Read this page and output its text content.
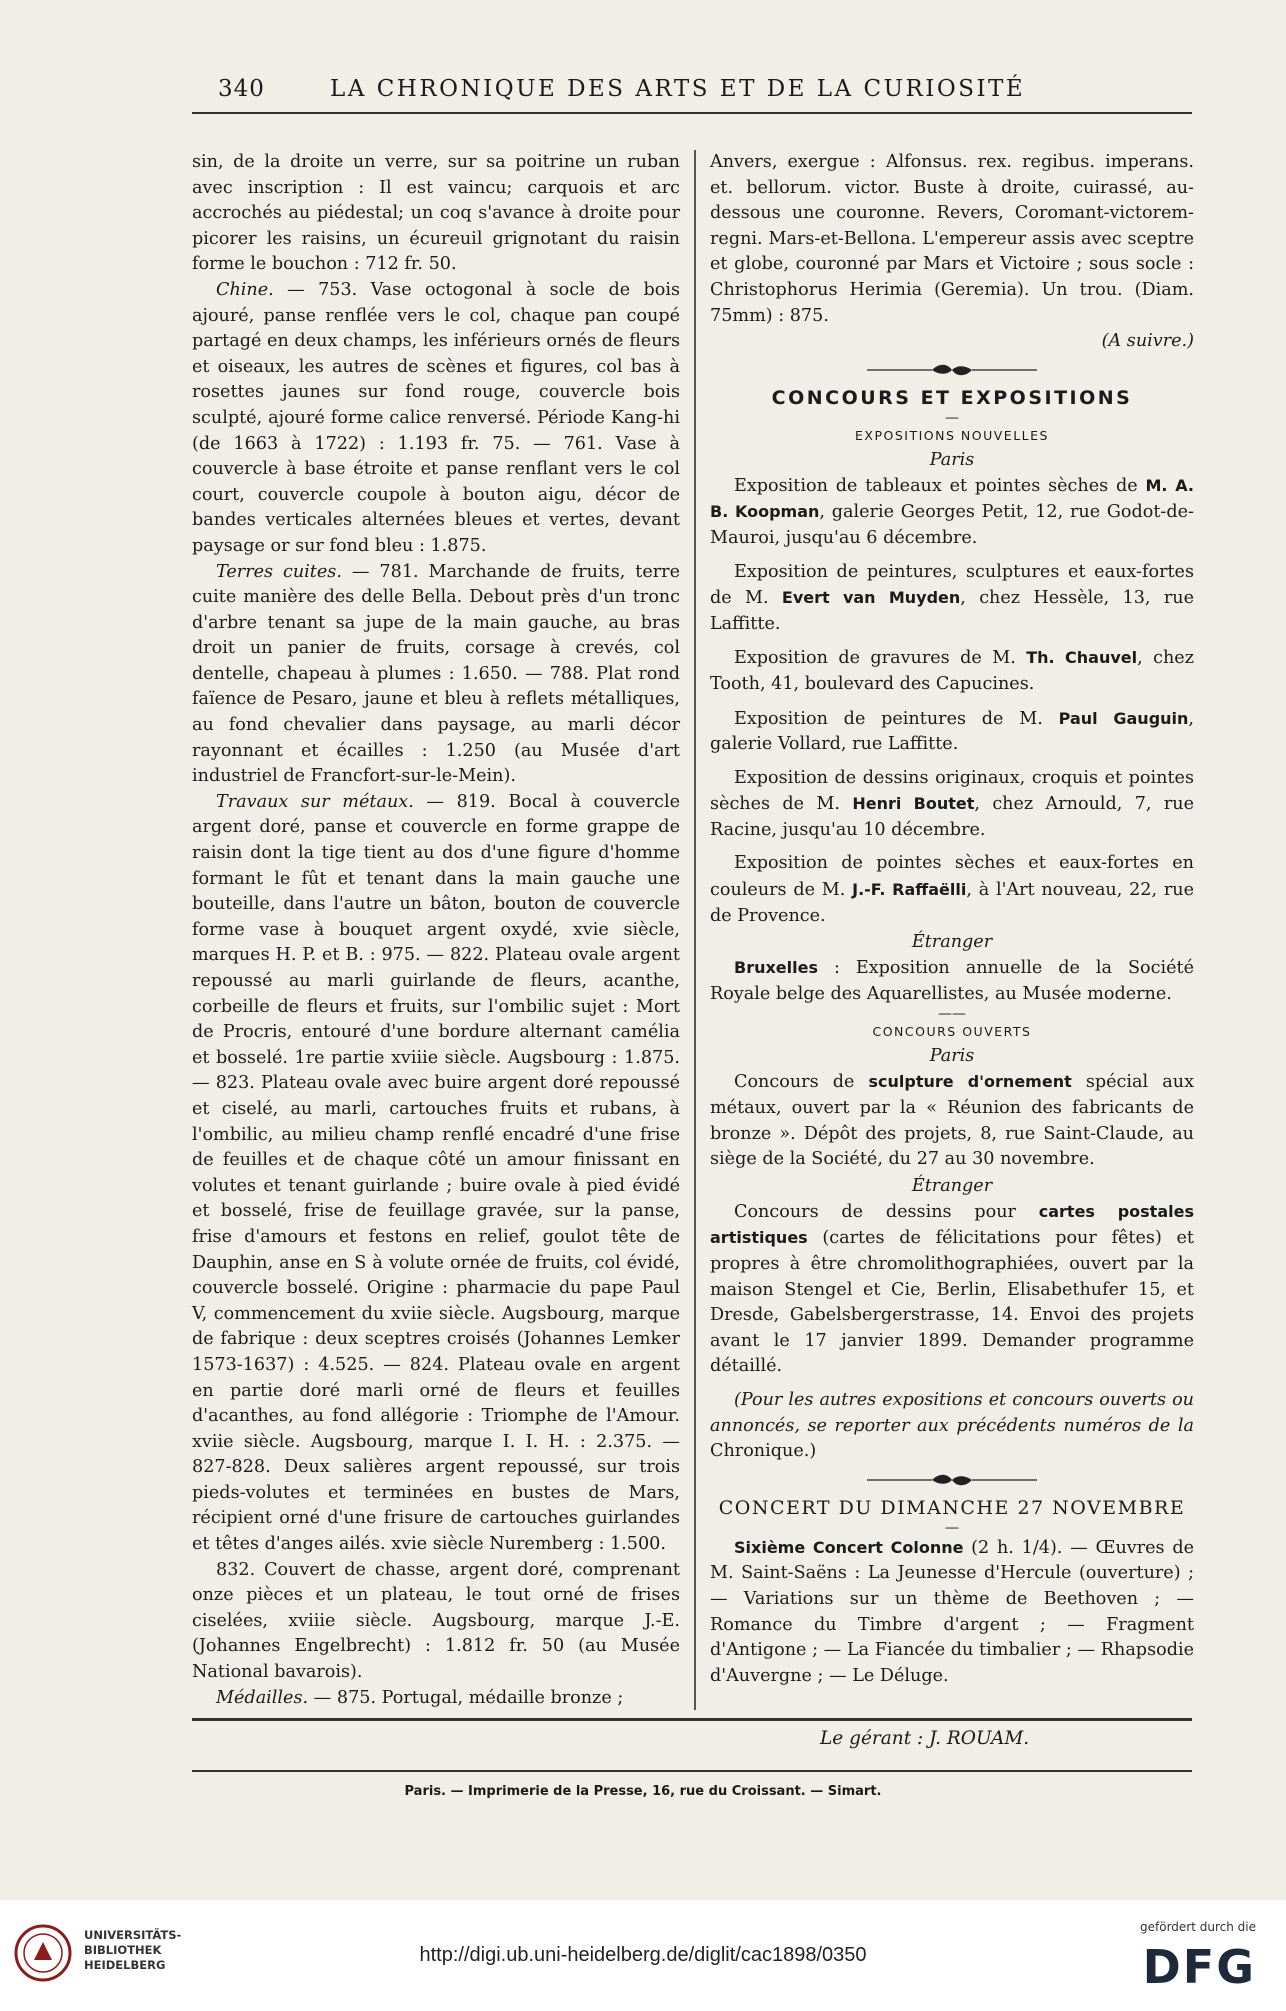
340	LA CHRONIQUE DES ARTS ET DE LA CURIOSITÉ

sin, de la droite un verre, sur sa poitrine un ruban avec inscription : Il est vaincu; carquois et arc accrochés au piédestal; un coq s'avance à droite pour picorer les raisins, un écureuil grignotant du raisin forme le bouchon : 712 fr. 50.

Chine. — 753. Vase octogonal à socle de bois ajouré, panse renflée vers le col, chaque pan coupé partagé en deux champs, les inférieurs ornés de fleurs et oiseaux, les autres de scènes et figures, col bas à rosettes jaunes sur fond rouge, couvercle bois sculpté, ajouré forme calice renversé. Période Kang-hi (de 1663 à 1722) : 1.193 fr. 75. — 761. Vase à couvercle à base étroite et panse renflant vers le col court, couvercle coupole à bouton aigu, décor de bandes verticales alternées bleues et vertes, devant paysage or sur fond bleu : 1.875.

Terres cuites. — 781. Marchande de fruits, terre cuite manière des delle Bella. Debout près d'un tronc d'arbre tenant sa jupe de la main gauche, au bras droit un panier de fruits, corsage à crevés, col dentelle, chapeau à plumes : 1.650. — 788. Plat rond faïence de Pesaro, jaune et bleu à reflets métalliques, au fond chevalier dans paysage, au marli décor rayonnant et écailles : 1.250 (au Musée d'art industriel de Francfort-sur-le-Mein).

Travaux sur métaux. — 819. Bocal à couvercle argent doré, panse et couvercle en forme grappe de raisin dont la tige tient au dos d'une figure d'homme formant le fût et tenant dans la main gauche une bouteille, dans l'autre un bâton, bouton de couvercle forme vase à bouquet argent oxydé, xvie siècle, marques H. P. et B. : 975. — 822. Plateau ovale argent repoussé au marli guirlande de fleurs, acanthe, corbeille de fleurs et fruits, sur l'ombilic sujet : Mort de Procris, entouré d'une bordure alternant camélia et bosselé. 1re partie xviiie siècle. Augsbourg : 1.875. — 823. Plateau ovale avec buire argent doré repoussé et ciselé, au marli, cartouches fruits et rubans, à l'ombilic, au milieu champ renflé encadré d'une frise de feuilles et de chaque côté un amour finissant en volutes et tenant guirlande ; buire ovale à pied évidé et bosselé, frise de feuillage gravée, sur la panse, frise d'amours et festons en relief, goulot tête de Dauphin, anse en S à volute ornée de fruits, col évidé, couvercle bosselé. Origine : pharmacie du pape Paul V, commencement du xviie siècle. Augsbourg, marque de fabrique : deux sceptres croisés (Johannes Lemker 1573-1637) : 4.525. — 824. Plateau ovale en argent en partie doré marli orné de fleurs et feuilles d'acanthes, au fond allégorie : Triomphe de l'Amour. xviie siècle. Augsbourg, marque I. I. H. : 2.375. — 827-828. Deux salières argent repoussé, sur trois pieds-volutes et terminées en bustes de Mars, récipient orné d'une frisure de cartouches guirlandes et têtes d'anges ailés. xvie siècle Nuremberg : 1.500.

832. Couvert de chasse, argent doré, comprenant onze pièces et un plateau, le tout orné de frises ciselées, xviiie siècle. Augsbourg, marque J.-E. (Johannes Engelbrecht) : 1.812 fr. 50 (au Musée National bavarois).

Médailles. — 875. Portugal, médaille bronze ;

Anvers, exergue : Alfonsus. rex. regibus. imperans. et. bellorum. victor. Buste à droite, cuirassé, au-dessous une couronne. Revers, Coromant-victorem-regni. Mars-et-Bellona. L'empereur assis avec sceptre et globe, couronné par Mars et Victoire ; sous socle : Christophorus Herimia (Geremia). Un trou. (Diam. 75mm) : 875.

(A suivre.)

CONCOURS ET EXPOSITIONS
—
EXPOSITIONS NOUVELLES
Paris

Exposition de tableaux et pointes sèches de M. A. B. Koopman, galerie Georges Petit, 12, rue Godot-de-Mauroi, jusqu'au 6 décembre.

Exposition de peintures, sculptures et eaux-fortes de M. Evert van Muyden, chez Hessèle, 13, rue Laffitte.

Exposition de gravures de M. Th. Chauvel, chez Tooth, 41, boulevard des Capucines.

Exposition de peintures de M. Paul Gauguin, galerie Vollard, rue Laffitte.

Exposition de dessins originaux, croquis et pointes sèches de M. Henri Boutet, chez Arnould, 7, rue Racine, jusqu'au 10 décembre.

Exposition de pointes sèches et eaux-fortes en couleurs de M. J.-F. Raffaëlli, à l'Art nouveau, 22, rue de Provence.

Étranger

Bruxelles : Exposition annuelle de la Société Royale belge des Aquarellistes, au Musée moderne.

——
CONCOURS OUVERTS
Paris

Concours de sculpture d'ornement spécial aux métaux, ouvert par la « Réunion des fabricants de bronze ». Dépôt des projets, 8, rue Saint-Claude, au siège de la Société, du 27 au 30 novembre.

Étranger

Concours de dessins pour cartes postales artistiques (cartes de félicitations pour fêtes) et propres à être chromolithographiées, ouvert par la maison Stengel et Cie, Berlin, Elisabethufer 15, et Dresde, Gabelsbergerstrasse, 14. Envoi des projets avant le 17 janvier 1899. Demander programme détaillé.

(Pour les autres expositions et concours ouverts ou annoncés, se reporter aux précédents numéros de la Chronique.)

CONCERT DU DIMANCHE 27 NOVEMBRE
—

Sixième Concert Colonne (2 h. 1/4). — Œuvres de M. Saint-Saëns : La Jeunesse d'Hercule (ouverture) ; — Variations sur un thème de Beethoven ; — Romance du Timbre d'argent ; — Fragment d'Antigone ; — La Fiancée du timbalier ; — Rhapsodie d'Auvergne ; — Le Déluge.

Le gérant : J. ROUAM.
Paris. — Imprimerie de la Presse, 16, rue du Croissant. — Simart.
UNIVERSITÄTS-
BIBLIOTHEK
HEIDELBERG	http://digi.ub.uni-heidelberg.de/diglit/cac1898/0350
gefördert durch die
DFG
